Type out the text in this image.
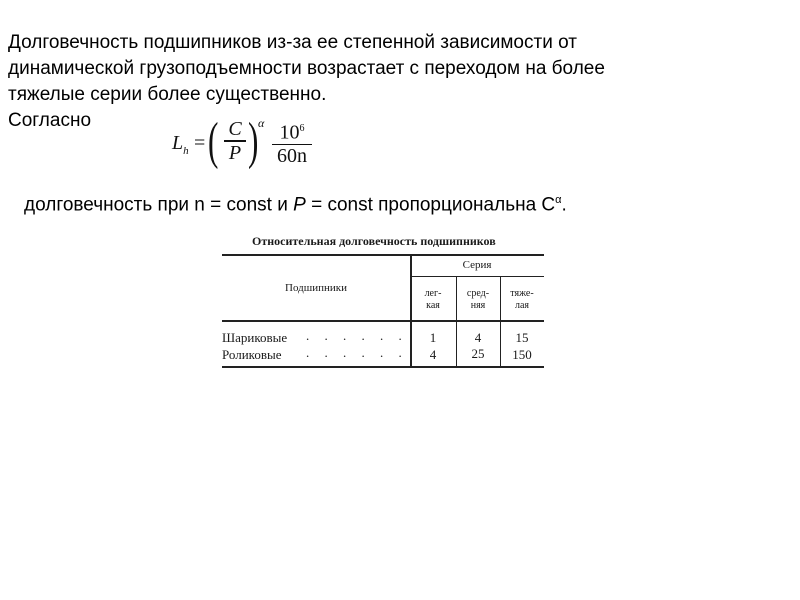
Долговечность подшипников из-за ее степенной зависимости от
динамической грузоподъемности возрастает с переходом на более
тяжелые серии более существенно.
Согласно
$L_h$ = ( C
P ) α $10^6$
60n
долговечность при n = const и P = const пропорциональна $C^\alpha$.
Относительная долговечность подшипников
Подшипники
Серия
лег-
кая
сред-
няя
тяже-
лая
Шариковые . . . . . .	1	4	15
Роликовые . . . . . .	4	25	150
